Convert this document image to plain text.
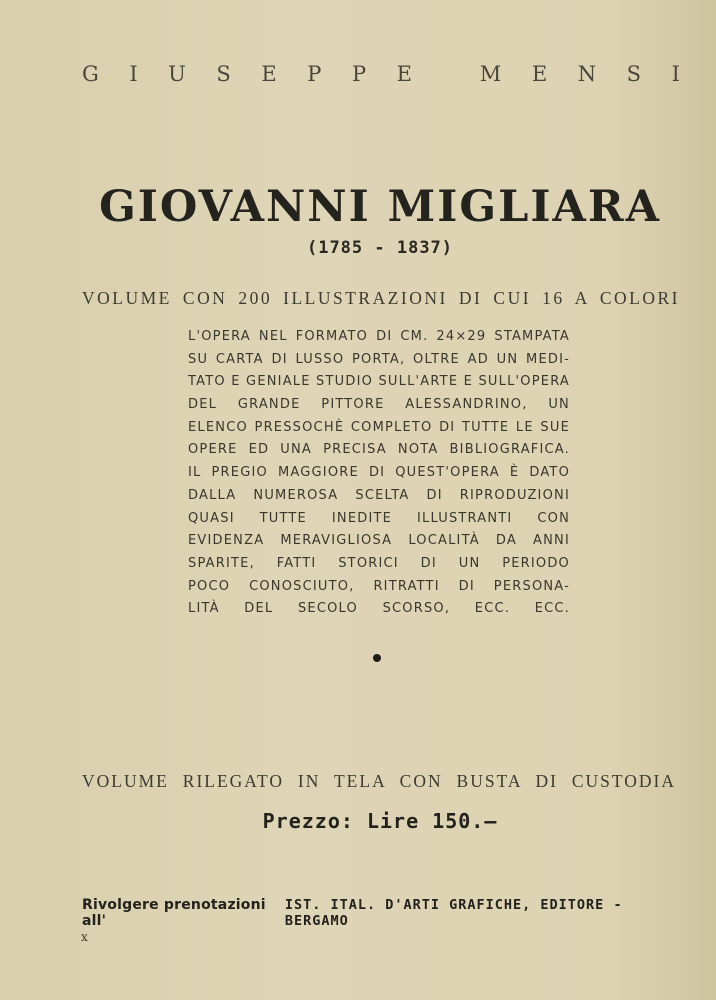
G I U S E P P E
	M E N S I
GIOVANNI MIGLIARA
(1785 - 1837)
VOLUME CON 200 ILLUSTRAZIONI DI CUI 16 A COLORI
L'OPERA NEL FORMATO DI CM. 24×29 STAMPATA
SU CARTA DI LUSSO PORTA, OLTRE AD UN MEDI-
TATO E GENIALE STUDIO SULL'ARTE E SULL'OPERA
DEL GRANDE PITTORE ALESSANDRINO, UN
ELENCO PRESSOCHÈ COMPLETO DI TUTTE LE SUE
OPERE ED UNA PRECISA NOTA BIBLIOGRAFICA.
IL PREGIO MAGGIORE DI QUEST'OPERA È DATO
DALLA NUMEROSA SCELTA DI RIPRODUZIONI
QUASI TUTTE INEDITE ILLUSTRANTI CON
EVIDENZA MERAVIGLIOSA LOCALITÀ DA ANNI
SPARITE, FATTI STORICI DI UN PERIODO
POCO CONOSCIUTO, RITRATTI DI PERSONA-
LITÀ DEL SECOLO SCORSO, ECC. ECC.
VOLUME RILEGATO IN TELA CON BUSTA DI CUSTODIA
Prezzo: Lire 150.—
Rivolgere prenotazioni all'
IST. ITAL. D'ARTI GRAFICHE, EDITORE - BERGAMO
x
